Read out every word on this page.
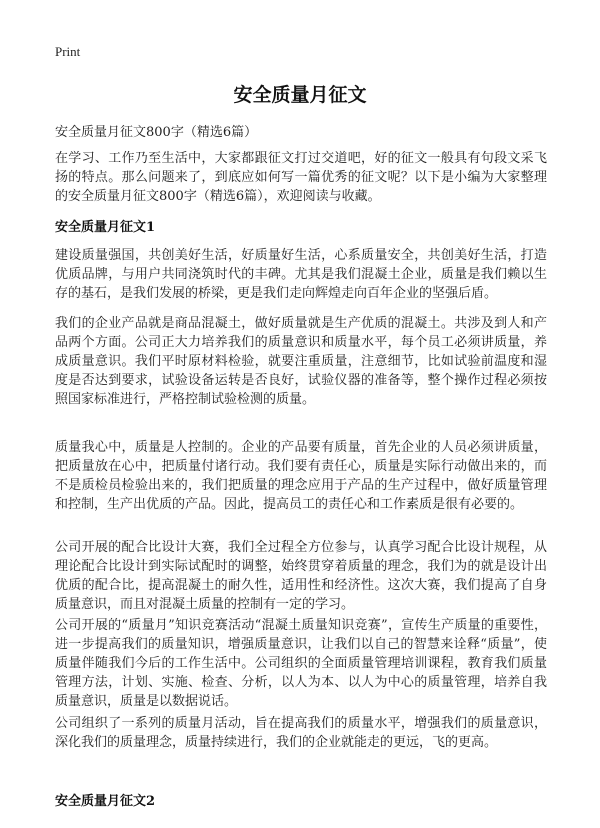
Print
安全质量月征文
安全质量月征文800字（精选6篇）

在学习、工作乃至生活中，大家都跟征文打过交道吧，好的征文一般具有句段文采飞扬的特点。那么问题来了，到底应如何写一篇优秀的征文呢？以下是小编为大家整理的安全质量月征文800字（精选6篇），欢迎阅读与收藏。

安全质量月征文1

建设质量强国，共创美好生活，好质量好生活，心系质量安全，共创美好生活，打造优质品牌，与用户共同浇筑时代的丰碑。尤其是我们混凝土企业，质量是我们赖以生存的基石，是我们发展的桥梁，更是我们走向辉煌走向百年企业的坚强后盾。

我们的企业产品就是商品混凝土，做好质量就是生产优质的混凝土。共涉及到人和产品两个方面。公司正大力培养我们的质量意识和质量水平，每个员工必须讲质量，养成质量意识。我们平时原材料检验，就要注重质量，注意细节，比如试验前温度和湿度是否达到要求，试验设备运转是否良好，试验仪器的准备等，整个操作过程必须按照国家标准进行，严格控制试验检测的质量。

质量我心中，质量是人控制的。企业的产品要有质量，首先企业的人员必须讲质量，把质量放在心中，把质量付诸行动。我们要有责任心，质量是实际行动做出来的，而不是质检员检验出来的，我们把质量的理念应用于产品的生产过程中，做好质量管理和控制，生产出优质的产品。因此，提高员工的责任心和工作素质是很有必要的。

公司开展的配合比设计大赛，我们全过程全方位参与，认真学习配合比设计规程，从理论配合比设计到实际试配时的调整，始终贯穿着质量的理念，我们为的就是设计出优质的配合比，提高混凝土的耐久性，适用性和经济性。这次大赛，我们提高了自身质量意识，而且对混凝土质量的控制有一定的学习。

公司开展的“质量月”知识竞赛活动“混凝土质量知识竞赛”，宣传生产质量的重要性，进一步提高我们的质量知识，增强质量意识，让我们以自己的智慧来诠释“质量”，使质量伴随我们今后的工作生活中。公司组织的全面质量管理培训课程，教育我们质量管理方法，计划、实施、检查、分析，以人为本、以人为中心的质量管理，培养自我质量意识，质量是以数据说话。

公司组织了一系列的质量月活动，旨在提高我们的质量水平，增强我们的质量意识，深化我们的质量理念，质量持续进行，我们的企业就能走的更远，飞的更高。

安全质量月征文2
